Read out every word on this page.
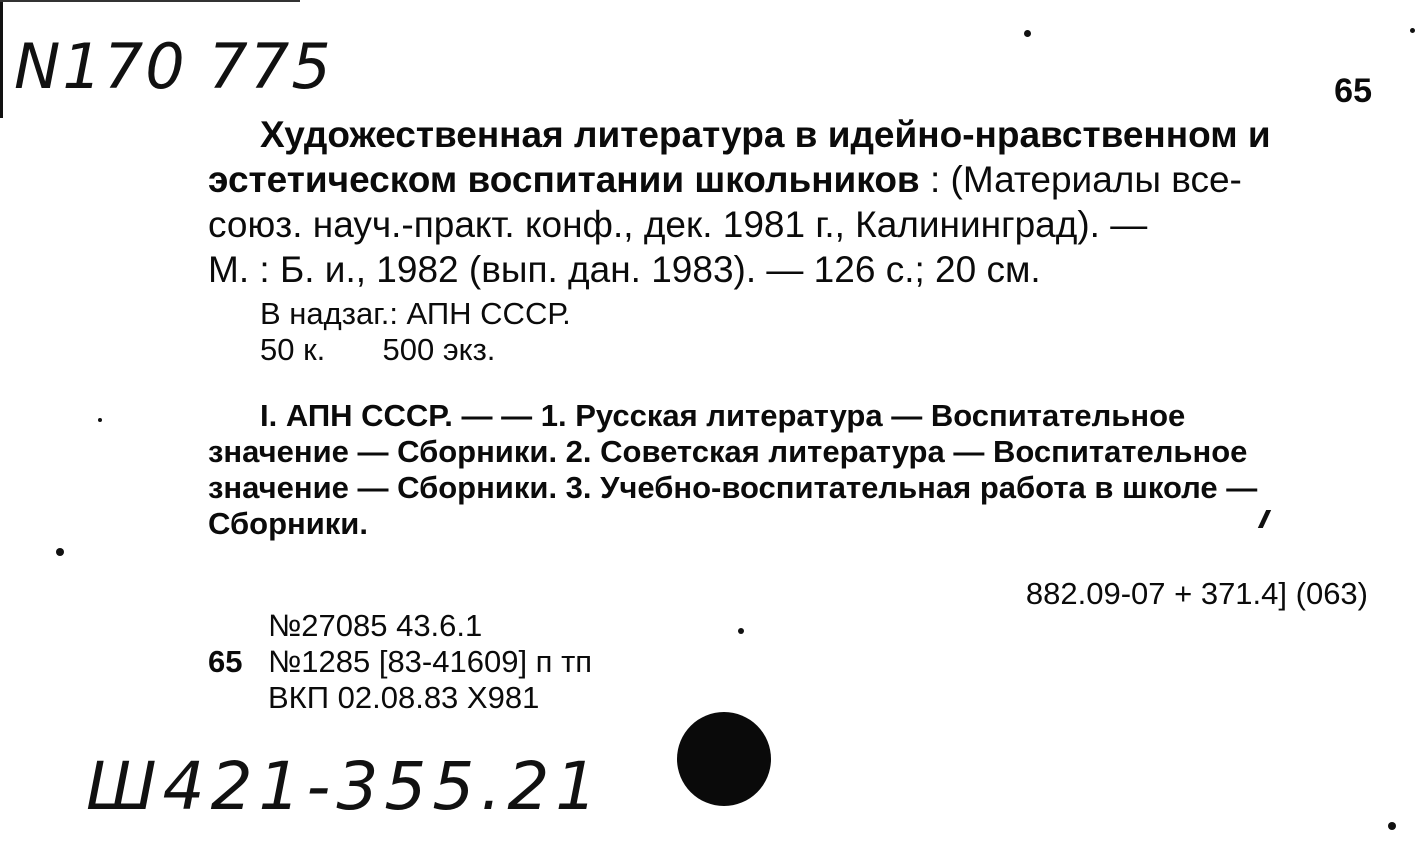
N170 775	65
Художественная литература в идейно-нравственном и
эстетическом воспитании школьников : (Материалы все-
союз. науч.-практ. конф., дек. 1981 г., Калининград). —
М. : Б. и., 1982 (вып. дан. 1983). — 126 с.; 20 см.
В надзаг.: АПН СССР.
50 к. 500 экз.
I. АПН СССР. — — 1. Русская литература — Воспитательное
значение — Сборники. 2. Советская литература — Воспитательное
значение — Сборники. 3. Учебно-воспитательная работа в школе —
Сборники.
882.09-07 + 371.4] (063)
№27085 43.6.1
65 №1285 [83-41609] п тп
ВКП 02.08.83 Х981
Ш421-355.21
